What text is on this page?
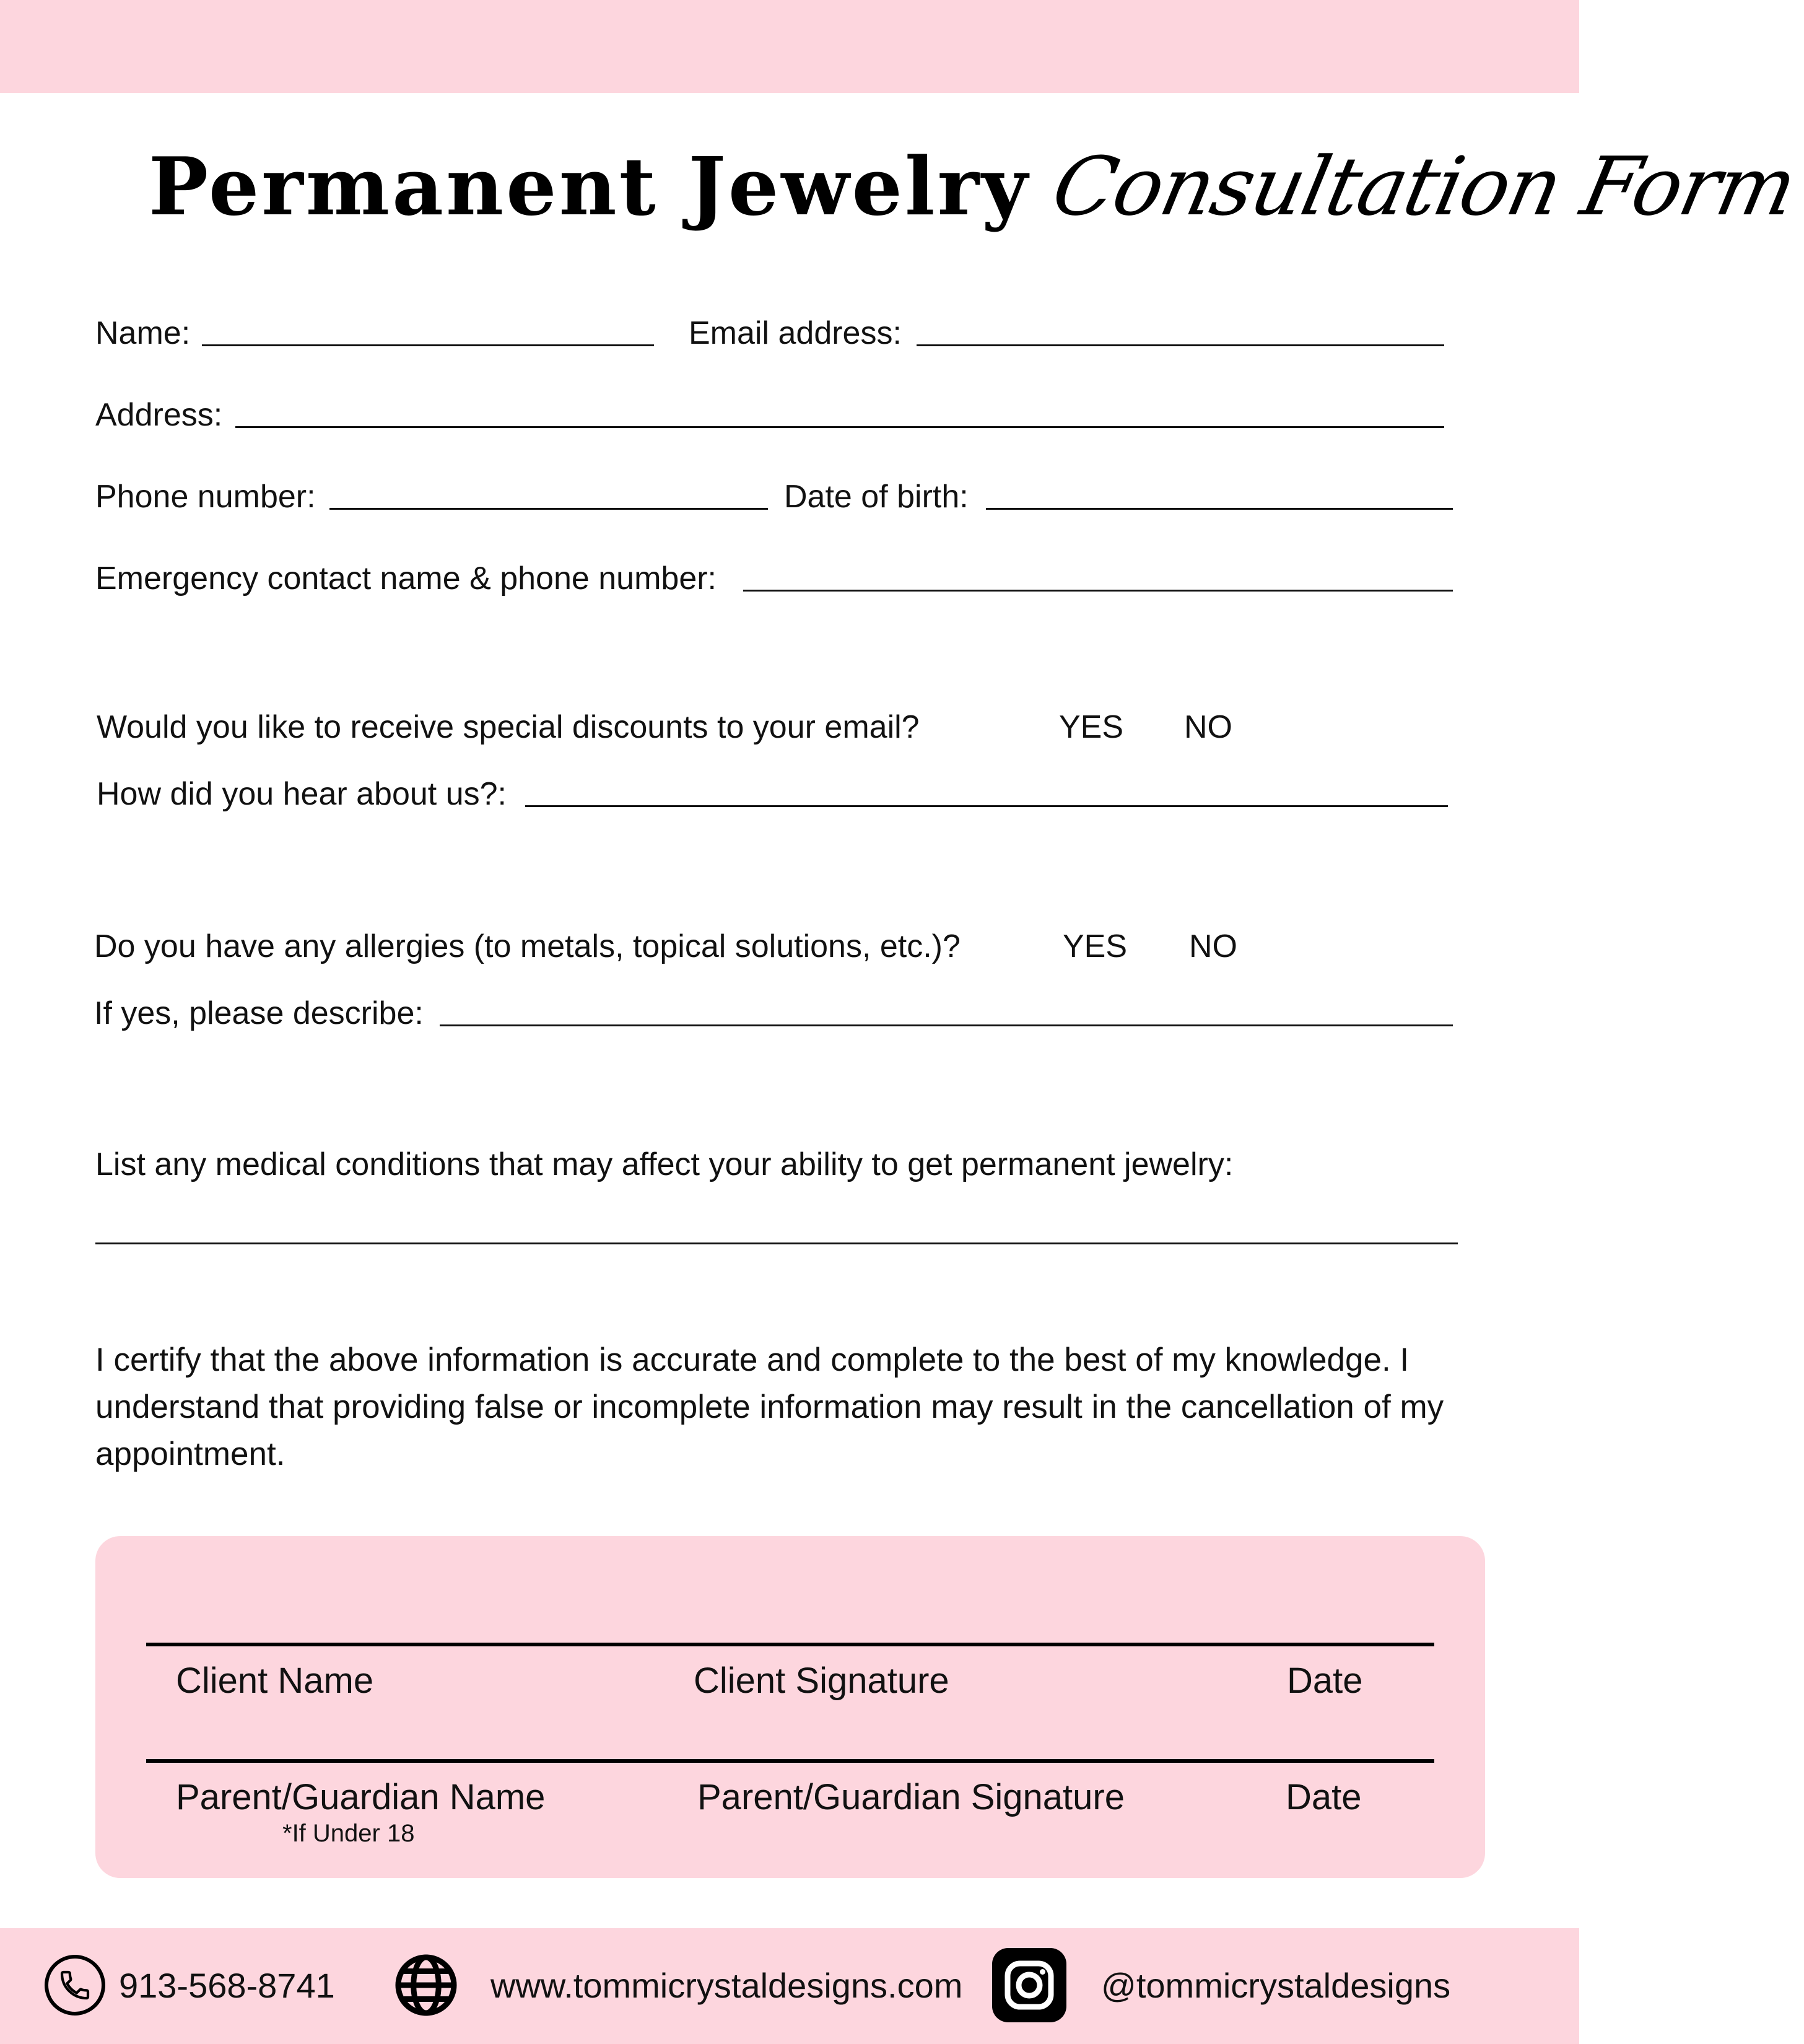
Permanent Jewelry Consultation Form
Name:	Email address:
Address:
Phone number:	Date of birth:
Emergency contact name & phone number:
Would you like to receive special discounts to your email?	YES NO
How did you hear about us?:
Do you have any allergies (to metals, topical solutions, etc.)?	YES NO
If yes, please describe:
List any medical conditions that may affect your ability to get permanent jewelry:
I certify that the above information is accurate and complete to the best of my knowledge. I understand that providing false or incomplete information may result in the cancellation of my appointment.
Client Name	Client Signature	Date
Parent/Guardian Name	Parent/Guardian Signature	Date
*If Under 18
913-568-8741	www.tommicrystaldesigns.com	@tommicrystaldesigns
